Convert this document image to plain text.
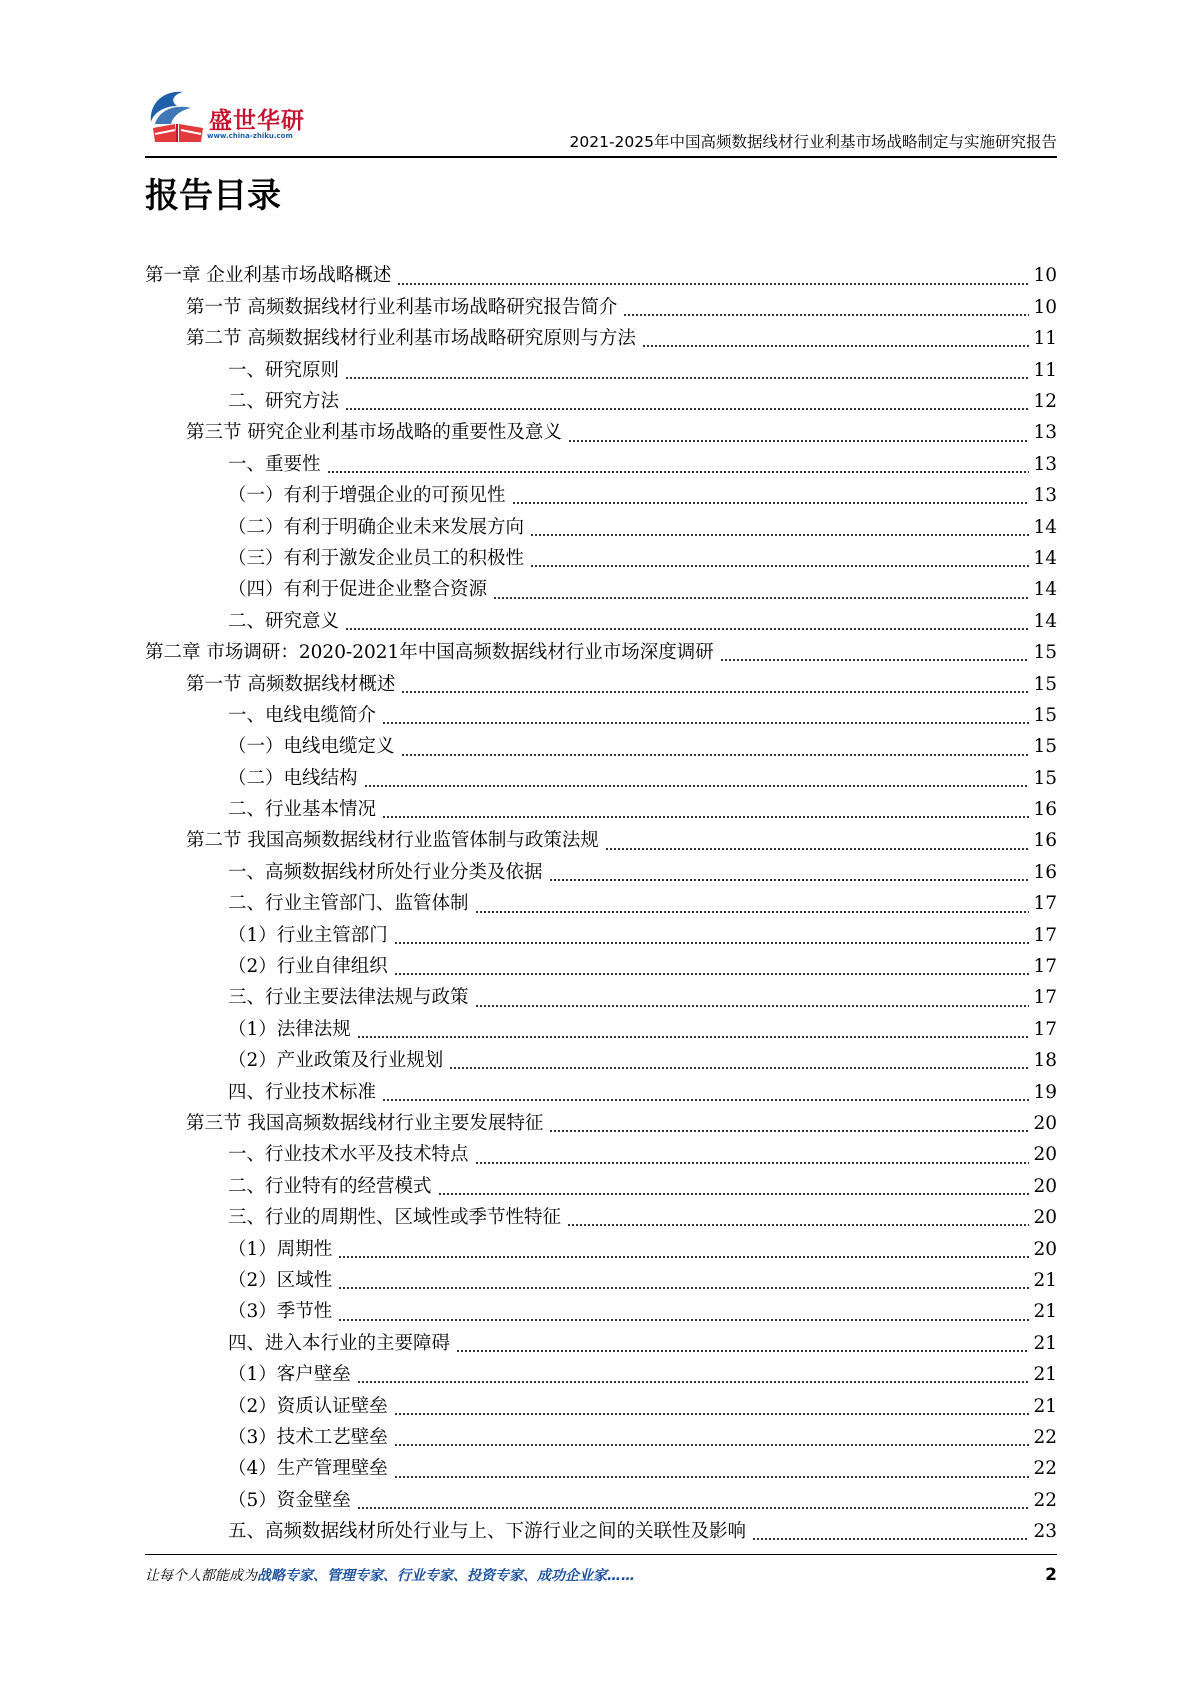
盛世华研
www.china-zhiku.com	2021-2025年中国高频数据线材行业利基市场战略制定与实施研究报告
报告目录
第一章 企业利基市场战略概述	10
第一节 高频数据线材行业利基市场战略研究报告简介	10
第二节 高频数据线材行业利基市场战略研究原则与方法	11
一、研究原则	11
二、研究方法	12
第三节 研究企业利基市场战略的重要性及意义	13
一、重要性	13
（一）有利于增强企业的可预见性	13
（二）有利于明确企业未来发展方向	14
（三）有利于激发企业员工的积极性	14
（四）有利于促进企业整合资源	14
二、研究意义	14
第二章 市场调研：2020-2021年中国高频数据线材行业市场深度调研	15
第一节 高频数据线材概述	15
一、电线电缆简介	15
（一）电线电缆定义	15
（二）电线结构	15
二、行业基本情况	16
第二节 我国高频数据线材行业监管体制与政策法规	16
一、高频数据线材所处行业分类及依据	16
二、行业主管部门、监管体制	17
（1）行业主管部门	17
（2）行业自律组织	17
三、行业主要法律法规与政策	17
（1）法律法规	17
（2）产业政策及行业规划	18
四、行业技术标准	19
第三节 我国高频数据线材行业主要发展特征	20
一、行业技术水平及技术特点	20
二、行业特有的经营模式	20
三、行业的周期性、区域性或季节性特征	20
（1）周期性	20
（2）区域性	21
（3）季节性	21
四、进入本行业的主要障碍	21
（1）客户壁垒	21
（2）资质认证壁垒	21
（3）技术工艺壁垒	22
（4）生产管理壁垒	22
（5）资金壁垒	22
五、高频数据线材所处行业与上、下游行业之间的关联性及影响	23
让每个人都能成为战略专家、管理专家、行业专家、投资专家、成功企业家……	2
